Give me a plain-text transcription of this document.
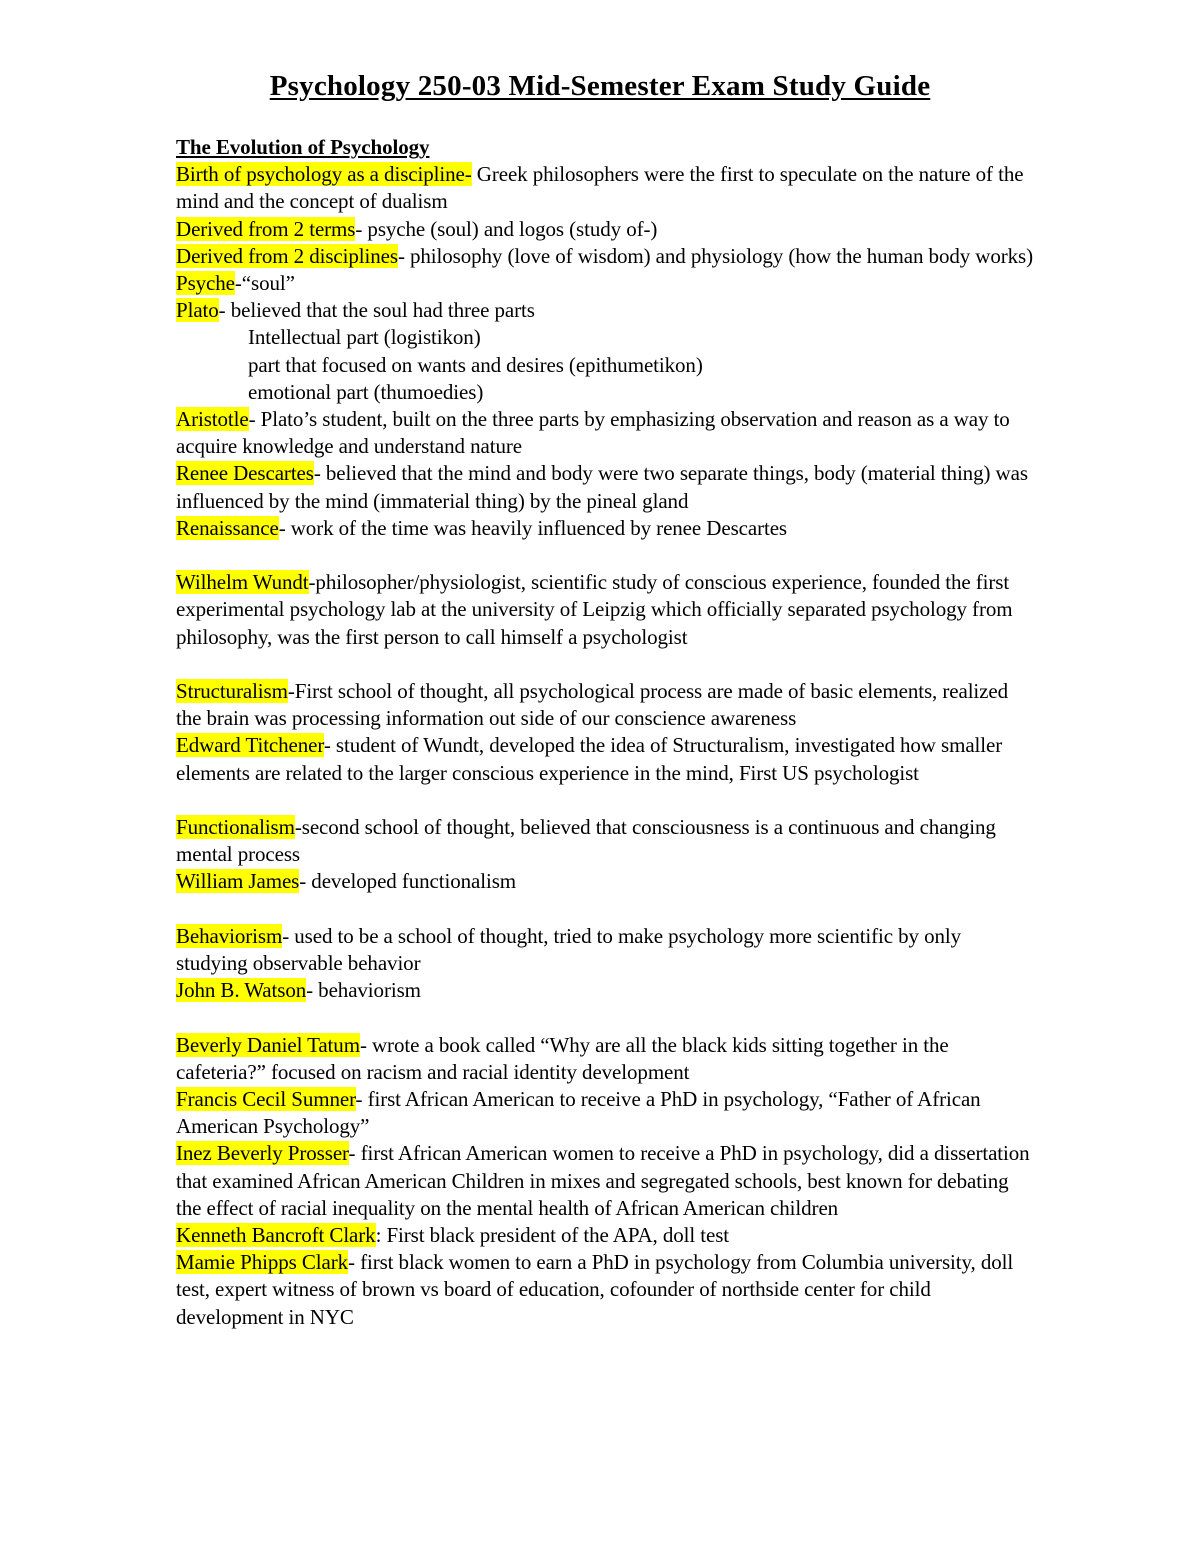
Psychology 250-03 Mid-Semester Exam Study Guide
The Evolution of Psychology

Birth of psychology as a discipline- Greek philosophers were the first to speculate on the nature of the mind and the concept of dualism

Derived from 2 terms- psyche (soul) and logos (study of-)

Derived from 2 disciplines- philosophy (love of wisdom) and physiology (how the human body works)

Psyche-“soul”

Plato- believed that the soul had three parts

Intellectual part (logistikon)

part that focused on wants and desires (epithumetikon)

emotional part (thumoedies)

Aristotle- Plato’s student, built on the three parts by emphasizing observation and reason as a way to acquire knowledge and understand nature

Renee Descartes- believed that the mind and body were two separate things, body (material thing) was influenced by the mind (immaterial thing) by the pineal gland

Renaissance- work of the time was heavily influenced by renee Descartes

Wilhelm Wundt-philosopher/physiologist, scientific study of conscious experience, founded the first experimental psychology lab at the university of Leipzig which officially separated psychology from philosophy, was the first person to call himself a psychologist

Structuralism-First school of thought, all psychological process are made of basic elements, realized the brain was processing information out side of our conscience awareness

Edward Titchener- student of Wundt, developed the idea of Structuralism, investigated how smaller elements are related to the larger conscious experience in the mind, First US psychologist

Functionalism-second school of thought, believed that consciousness is a continuous and changing mental process

William James- developed functionalism

Behaviorism- used to be a school of thought, tried to make psychology more scientific by only studying observable behavior

John B. Watson- behaviorism

Beverly Daniel Tatum- wrote a book called “Why are all the black kids sitting together in the cafeteria?” focused on racism and racial identity development

Francis Cecil Sumner- first African American to receive a PhD in psychology, “Father of African American Psychology”

Inez Beverly Prosser- first African American women to receive a PhD in psychology, did a dissertation that examined African American Children in mixes and segregated schools, best known for debating the effect of racial inequality on the mental health of African American children

Kenneth Bancroft Clark: First black president of the APA, doll test

Mamie Phipps Clark- first black women to earn a PhD in psychology from Columbia university, doll test, expert witness of brown vs board of education, cofounder of northside center for child development in NYC
